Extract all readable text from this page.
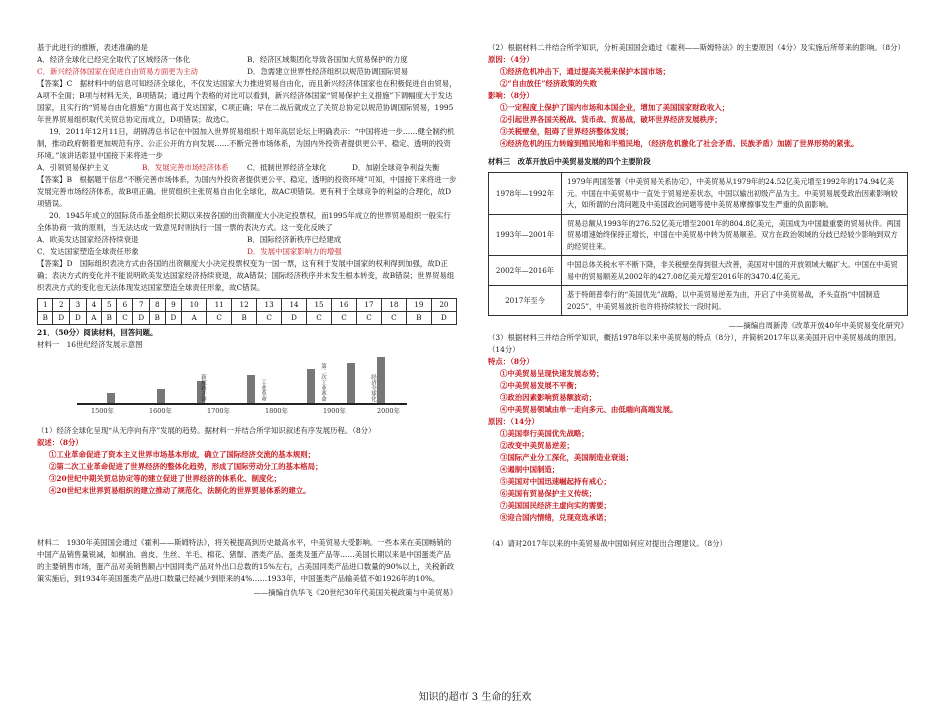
基于此进行的推断，表述准确的是

A．经济全球化已经完全取代了区域经济一体化	B．经济区域集团化导致各国加大贸易保护的力度

C．新兴经济体国家在促进自由贸易方面更为主动	D．急需建立世界性经济组织以规范协调国际贸易

【答案】C　据材料中的信息可知经济全球化，不仅发达国家大力推进贸易自由化，而且新兴经济体国家也在积极促进自由贸易，A项不全面；B项与材料无关，B项错误；通过两个表格的对比可以看到，新兴经济体国家“贸易保护主义措施”下调幅度大于发达国家，且实行的“贸易自由化措施”方面也高于发达国家，C项正确；早在二战后就成立了关贸总协定以规范协调国际贸易，1995年世界贸易组织取代关贸总协定而成立，D项错误；故选C。

19．2011年12月11日，胡锦涛总书记在中国加入世界贸易组织十周年高层论坛上明确表示：“中国将进一步……健全制约机制，推动政府朝着更加规范有序、公正公开的方向发展……不断完善市场体系，为国内外投资者提供更公平、稳定、透明的投资环境。”该讲话彰显中国接下来将进一步

A．引领贸易保护主义	B．发展完善市场经济体系	C．抵制世界经济全球化	D．加剧全球竞争利益失衡

【答案】B　根据题干信息“不断完善市场体系，为国内外投资者提供更公平、稳定、透明的投资环境”可知，中国接下来将进一步发展完善市场经济体系，故B项正确。世贸组织主张贸易自由化全球化，故AC项错误。更有利于全球竞争的利益的合理化，故D项错误。

20．1945年成立的国际货币基金组织长期以来按各国的出资额度大小决定投票权，而1995年成立的世界贸易组织一般实行全体协商一致的原则，当无法达成一致意见时则执行一国一票的表决方式。这一变化反映了

A．欧美发达国家经济持续衰退	B．国际经济新秩序已经建成

C．发达国家塑造全球责任形象	D．发展中国家影响力的增强

【答案】D　国际组织表决方式由各国的出资额度大小决定投票权变为一国一票，这有利于发展中国家的权利得到加强，故D正确；表决方式的变化并不能说明欧美发达国家经济持续衰退，故A错误；国际经济秩序并未发生根本转变，故B错误；世界贸易组织表决方式的变化也无法体现发达国家塑造全球责任形象，故C错误。

1	2	3	4	5	6	7	8	9	10	11	12	13	14	15	16	17	18	19	20
B	D	D	A	B	C	D	B	D	A	C	B	C	D	C	C	C	C	B	D

21．（50分）阅读材料，回答问题。

材料一　16世纪经济发展示意图

新航路开辟	工业革命	第二次工业革命	经济全球化
1500年	1600年	1700年	1800年	1900年	2000年

（1）经济全球化呈现“从无序向有序”发展的趋势。据材料一并结合所学知识叙述有序发展历程。（8分）

叙述：（8分）

①工业革命促进了资本主义世界市场基本形成，确立了国际经济交流的基本规则；

②第二次工业革命促进了世界经济的整体化趋势，形成了国际劳动分工的基本格局；

③20世纪中期关贸总协定等的建立促进了世界经济的体系化、制度化；

④20世纪末世界贸易组织的建立推动了规范化、法制化的世界贸易体系的建立。

材料二　1930年美国国会通过《霍利——斯姆特法》，将关税提高到历史最高水平，中美贸易大受影响。一些本来在美国畅销的中国产品销售量锐减，如桐油、兽皮、生丝、羊毛、棉花、猪鬃、酒类产品、蛋类及蛋产品等……美国长期以来是中国蛋类产品的主要销售市场，蛋产品对美销售额占中国同类产品对外出口总数的15%左右，占美国同类产品进口数量的90%以上，关税新政策实施后，到1934年美国蛋类产品进口数量已经减少到原来的4%……1933年，中国蛋类产品输美值不如1926年的10%。

——摘编自仇华飞《20世纪30年代美国关税政策与中美贸易》

（2）根据材料二并结合所学知识，分析美国国会通过《霍利——斯姆特法》的主要原因（4分）及实施后所带来的影响。（8分）

原因：（4分）

①经济危机冲击下，通过提高关税来保护本国市场；

②“自由放任”经济政策的失败

影响：（8分）

①一定程度上保护了国内市场和本国企业，增加了美国国家财政收入；

②引起世界各国关税战、货币战、贸易战，破坏世界经济发展秩序；

③关税壁垒，阻碍了世界经济整体发展；

④经济危机的压力转嫁到殖民地和半殖民地，（经济危机激化了社会矛盾、民族矛盾）加剧了世界形势的紧张。

材料三　改革开放后中美贸易发展的四个主要阶段

1978年—1992年	1979年两国签署《中美贸易关系协定》，中美贸易从1979年的24.52亿美元增至1992年的174.94亿美元。中国在中美贸易中一直处于贸易逆差状态，中国以输出初级产品为主。中美贸易展受政治因素影响较大，如所谓的台湾问题及中美国政治问题等使中美贸易摩擦事发生严重的负面影响。
1993年—2001年	贸易总额从1993年的276.52亿美元增至2001年的804.8亿美元，美国成为中国最重要的贸易伙伴。两国贸易增速始终保持正增长，中国在中美贸易中转为贸易顺差。双方在政治领域的分歧已经较少影响到双方的经贸往来。
2002年—2016年	中国总体关税水平不断下降，非关税壁垒得到很大改善，美国对中国的开放领域大幅扩大。中国在中美贸易中的贸易顺差从2002年的427.08亿美元增至2016年的3470.4亿美元。
2017年至今	基于特朗普奉行的“美国优先”战略，以中美贸易逆差为由，开启了中美贸易战，矛头直指“中国制造2025”，中美贸易波折也许将持续较长一段时间。

——摘编自周新涛《改革开放40年中美贸易变化研究》

（3）根据材料三并结合所学知识，概括1978年以来中美贸易的特点（8分），并简析2017年以来美国开启中美贸易战的原因。（14分）

特点：（8分）

①中美贸易呈现快速发展态势；

②中美贸易发展不平衡；

③政治因素影响贸易额波动；

④中美贸易领域由单一走向多元、由低端向高端发展。

原因：（14分）

①美国奉行美国优先战略；

②改变中美贸易逆差；

③国际产业分工深化，美国制造业衰退；

④遏制中国制造；

⑤美国对中国迅速崛起持有戒心；

⑥美国有贸易保护主义传统；

⑦美国国民经济主虚向实的需要；

⑧迎合国内情绪，兑现竞选承诺；

（4）请对2017年以来的中美贸易战中国如何应对提出合理建议。（8分）

知识的超市 3 生命的狂欢
